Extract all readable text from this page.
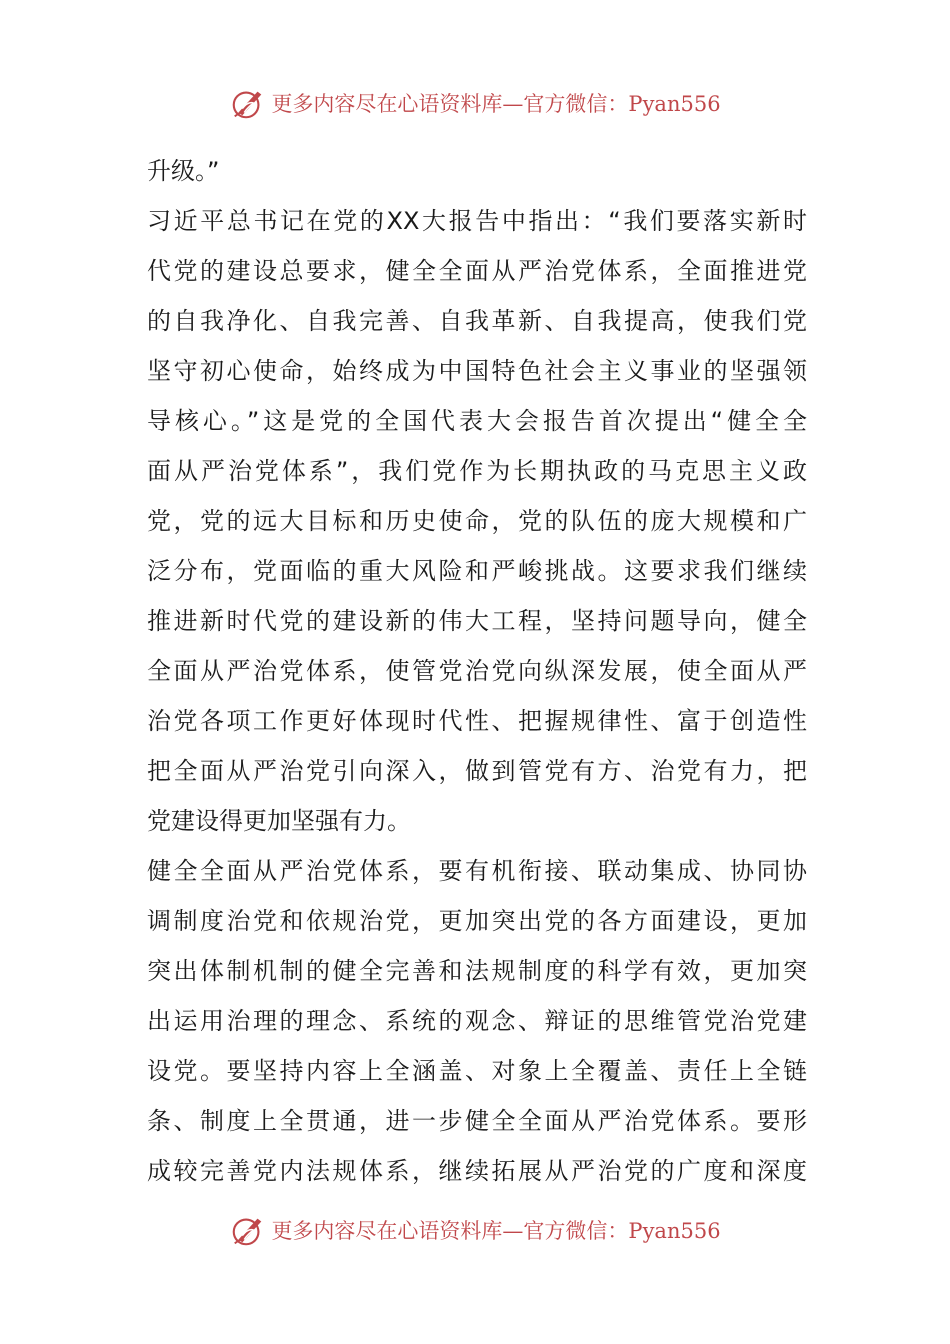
更多内容尽在心语资料库—官方微信：Pyan556
升级。”
习近平总书记在党的XX大报告中指出：“我们要落实新时
代党的建设总要求，健全全面从严治党体系，全面推进党
的自我净化、自我完善、自我革新、自我提高，使我们党
坚守初心使命，始终成为中国特色社会主义事业的坚强领
导核心。”这是党的全国代表大会报告首次提出“健全全
面从严治党体系”，我们党作为长期执政的马克思主义政
党，党的远大目标和历史使命，党的队伍的庞大规模和广
泛分布，党面临的重大风险和严峻挑战。这要求我们继续
推进新时代党的建设新的伟大工程，坚持问题导向，健全
全面从严治党体系，使管党治党向纵深发展，使全面从严
治党各项工作更好体现时代性、把握规律性、富于创造性
把全面从严治党引向深入，做到管党有方、治党有力，把
党建设得更加坚强有力。
健全全面从严治党体系，要有机衔接、联动集成、协同协
调制度治党和依规治党，更加突出党的各方面建设，更加
突出体制机制的健全完善和法规制度的科学有效，更加突
出运用治理的理念、系统的观念、辩证的思维管党治党建
设党。要坚持内容上全涵盖、对象上全覆盖、责任上全链
条、制度上全贯通，进一步健全全面从严治党体系。要形
成较完善党内法规体系，继续拓展从严治党的广度和深度
更多内容尽在心语资料库—官方微信：Pyan556
